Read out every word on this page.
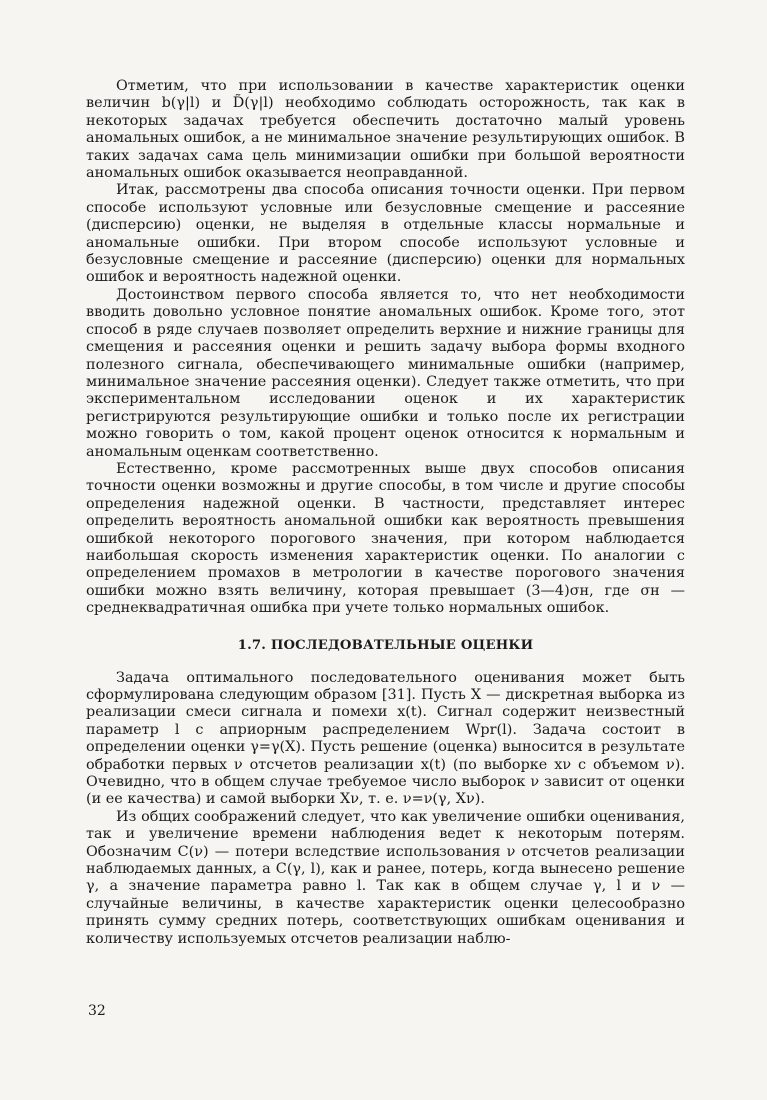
Отметим, что при использовании в качестве характеристик оценки величин b(γ|l) и D̃(γ|l) необходимо соблюдать осторожность, так как в некоторых задачах требуется обеспечить достаточно малый уровень аномальных ошибок, а не минимальное значение результирующих ошибок. В таких задачах сама цель минимизации ошибки при большой вероятности аномальных ошибок оказывается неоправданной.

Итак, рассмотрены два способа описания точности оценки. При первом способе используют условные или безусловные смещение и рассеяние (дисперсию) оценки, не выделяя в отдельные классы нормальные и аномальные ошибки. При втором способе используют условные и безусловные смещение и рассеяние (дисперсию) оценки для нормальных ошибок и вероятность надежной оценки.

Достоинством первого способа является то, что нет необходимости вводить довольно условное понятие аномальных ошибок. Кроме того, этот способ в ряде случаев позволяет определить верхние и нижние границы для смещения и рассеяния оценки и решить задачу выбора формы входного полезного сигнала, обеспечивающего минимальные ошибки (например, минимальное значение рассеяния оценки). Следует также отметить, что при экспериментальном исследовании оценок и их характеристик регистрируются результирующие ошибки и только после их регистрации можно говорить о том, какой процент оценок относится к нормальным и аномальным оценкам соответственно.

Естественно, кроме рассмотренных выше двух способов описания точности оценки возможны и другие способы, в том числе и другие способы определения надежной оценки. В частности, представляет интерес определить вероятность аномальной ошибки как вероятность превышения ошибкой некоторого порогового значения, при котором наблюдается наибольшая скорость изменения характеристик оценки. По аналогии с определением промахов в метрологии в качестве порогового значения ошибки можно взять величину, которая превышает (3—4)σн, где σн — среднеквадратичная ошибка при учете только нормальных ошибок.

1.7. ПОСЛЕДОВАТЕЛЬНЫЕ ОЦЕНКИ

Задача оптимального последовательного оценивания может быть сформулирована следующим образом [31]. Пусть X — дискретная выборка из реализации смеси сигнала и помехи x(t). Сигнал содержит неизвестный параметр l с априорным распределением Wpr(l). Задача состоит в определении оценки γ=γ(X). Пусть решение (оценка) выносится в результате обработки первых ν отсчетов реализации x(t) (по выборке xν с объемом ν). Очевидно, что в общем случае требуемое число выборок ν зависит от оценки (и ее качества) и самой выборки Xν, т. е. ν=ν(γ, Xν).

Из общих соображений следует, что как увеличение ошибки оценивания, так и увеличение времени наблюдения ведет к некоторым потерям. Обозначим C(ν) — потери вследствие использования ν отсчетов реализации наблюдаемых данных, а C(γ, l), как и ранее, потерь, когда вынесено решение γ, а значение параметра равно l. Так как в общем случае γ, l и ν — случайные величины, в качестве характеристик оценки целесообразно принять сумму средних потерь, соответствующих ошибкам оценивания и количеству используемых отсчетов реализации наблю-

32
